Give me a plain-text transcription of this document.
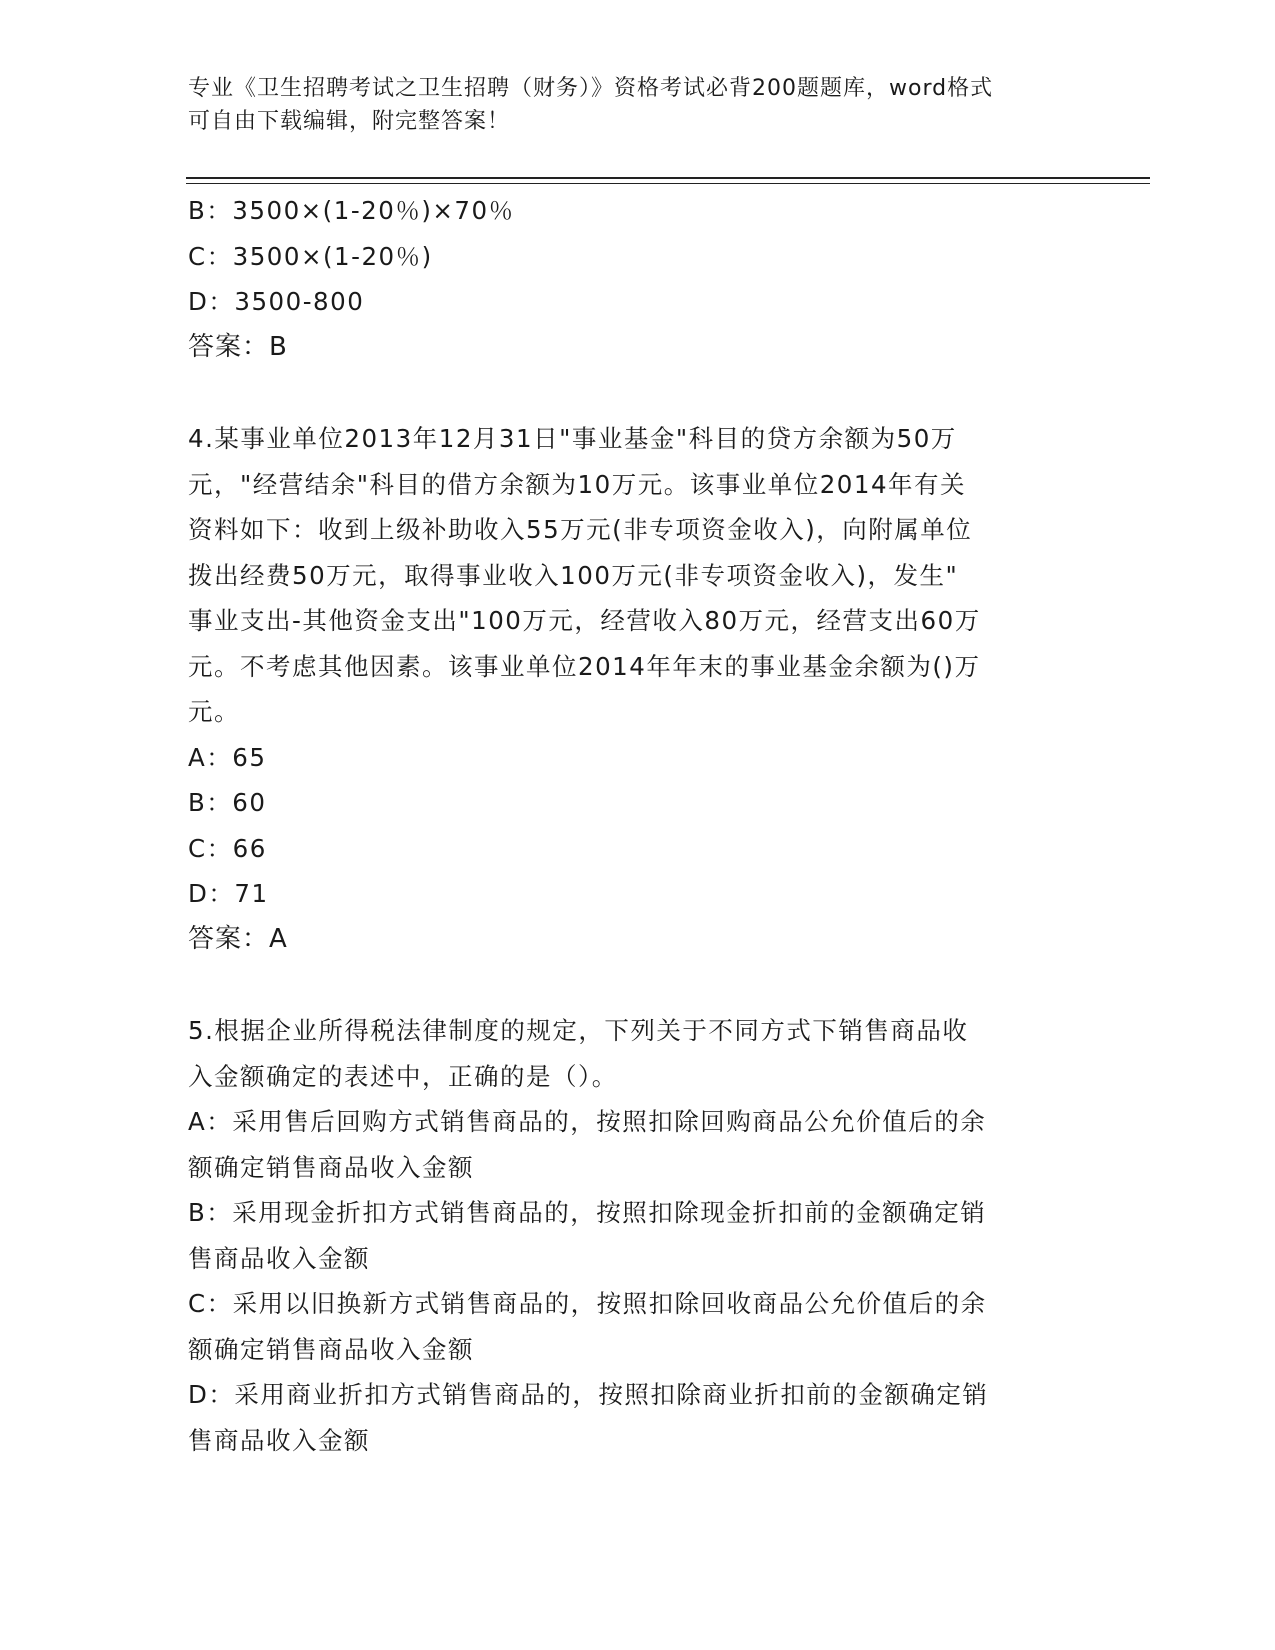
专业《卫生招聘考试之卫生招聘（财务）》资格考试必背200题题库，word格式
可自由下载编辑，附完整答案！
B：3500×(1-20％)×70％
C：3500×(1-20％)
D：3500-800
答案：B
4.某事业单位2013年12月31日"事业基金"科目的贷方余额为50万
元，"经营结余"科目的借方余额为10万元。该事业单位2014年有关
资料如下：收到上级补助收入55万元(非专项资金收入)，向附属单位
拨出经费50万元，取得事业收入100万元(非专项资金收入)，发生"
事业支出-其他资金支出"100万元，经营收入80万元，经营支出60万
元。不考虑其他因素。该事业单位2014年年末的事业基金余额为()万
元。
A：65
B：60
C：66
D：71
答案：A
5.根据企业所得税法律制度的规定，下列关于不同方式下销售商品收
入金额确定的表述中，正确的是（）。
A：采用售后回购方式销售商品的，按照扣除回购商品公允价值后的余
额确定销售商品收入金额
B：采用现金折扣方式销售商品的，按照扣除现金折扣前的金额确定销
售商品收入金额
C：采用以旧换新方式销售商品的，按照扣除回收商品公允价值后的余
额确定销售商品收入金额
D：采用商业折扣方式销售商品的，按照扣除商业折扣前的金额确定销
售商品收入金额
